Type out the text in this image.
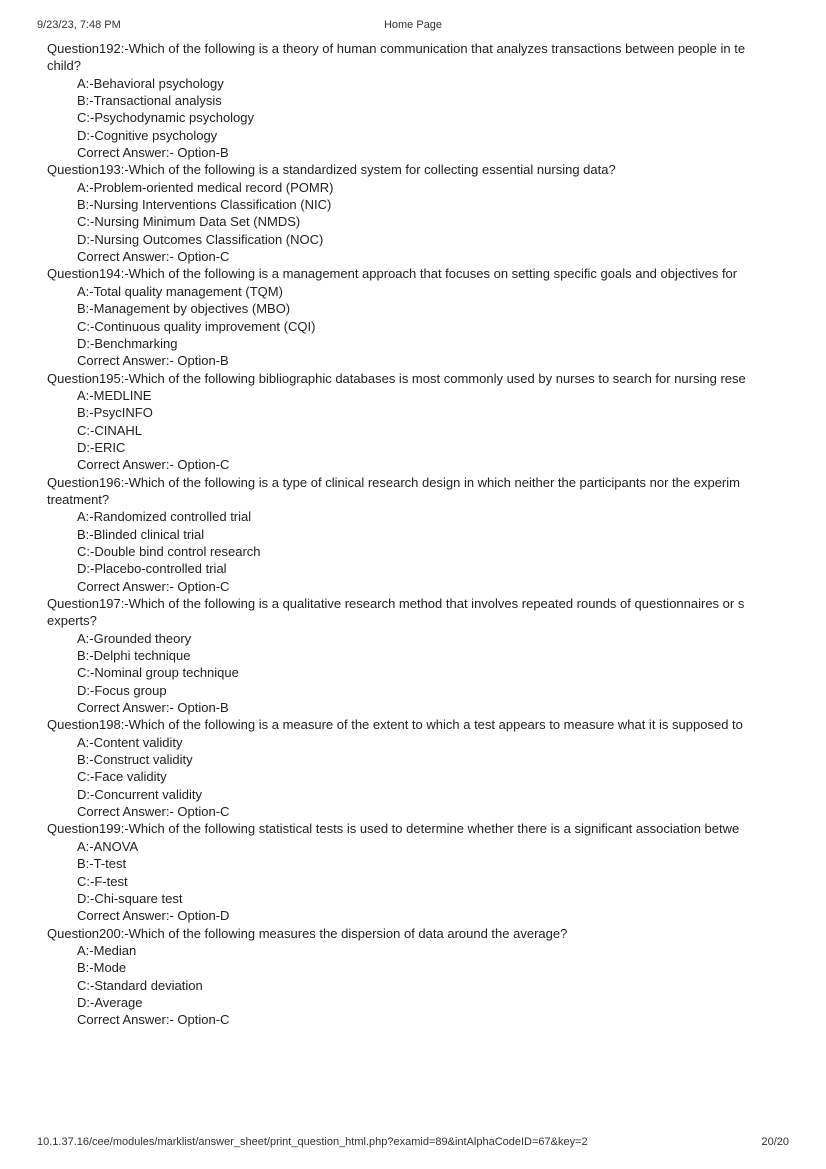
9/23/23, 7:48 PM	Home Page
Question192:-Which of the following is a theory of human communication that analyzes transactions between people in te
child?
A:-Behavioral psychology
B:-Transactional analysis
C:-Psychodynamic psychology
D:-Cognitive psychology
Correct Answer:- Option-B
Question193:-Which of the following is a standardized system for collecting essential nursing data?
A:-Problem-oriented medical record (POMR)
B:-Nursing Interventions Classification (NIC)
C:-Nursing Minimum Data Set (NMDS)
D:-Nursing Outcomes Classification (NOC)
Correct Answer:- Option-C
Question194:-Which of the following is a management approach that focuses on setting specific goals and objectives for
A:-Total quality management (TQM)
B:-Management by objectives (MBO)
C:-Continuous quality improvement (CQI)
D:-Benchmarking
Correct Answer:- Option-B
Question195:-Which of the following bibliographic databases is most commonly used by nurses to search for nursing rese
A:-MEDLINE
B:-PsycINFO
C:-CINAHL
D:-ERIC
Correct Answer:- Option-C
Question196:-Which of the following is a type of clinical research design in which neither the participants nor the experim
treatment?
A:-Randomized controlled trial
B:-Blinded clinical trial
C:-Double bind control research
D:-Placebo-controlled trial
Correct Answer:- Option-C
Question197:-Which of the following is a qualitative research method that involves repeated rounds of questionnaires or s
experts?
A:-Grounded theory
B:-Delphi technique
C:-Nominal group technique
D:-Focus group
Correct Answer:- Option-B
Question198:-Which of the following is a measure of the extent to which a test appears to measure what it is supposed to
A:-Content validity
B:-Construct validity
C:-Face validity
D:-Concurrent validity
Correct Answer:- Option-C
Question199:-Which of the following statistical tests is used to determine whether there is a significant association betwe
A:-ANOVA
B:-T-test
C:-F-test
D:-Chi-square test
Correct Answer:- Option-D
Question200:-Which of the following measures the dispersion of data around the average?
A:-Median
B:-Mode
C:-Standard deviation
D:-Average
Correct Answer:- Option-C
10.1.37.16/cee/modules/marklist/answer_sheet/print_question_html.php?examid=89&intAlphaCodeID=67&key=2	20/20
